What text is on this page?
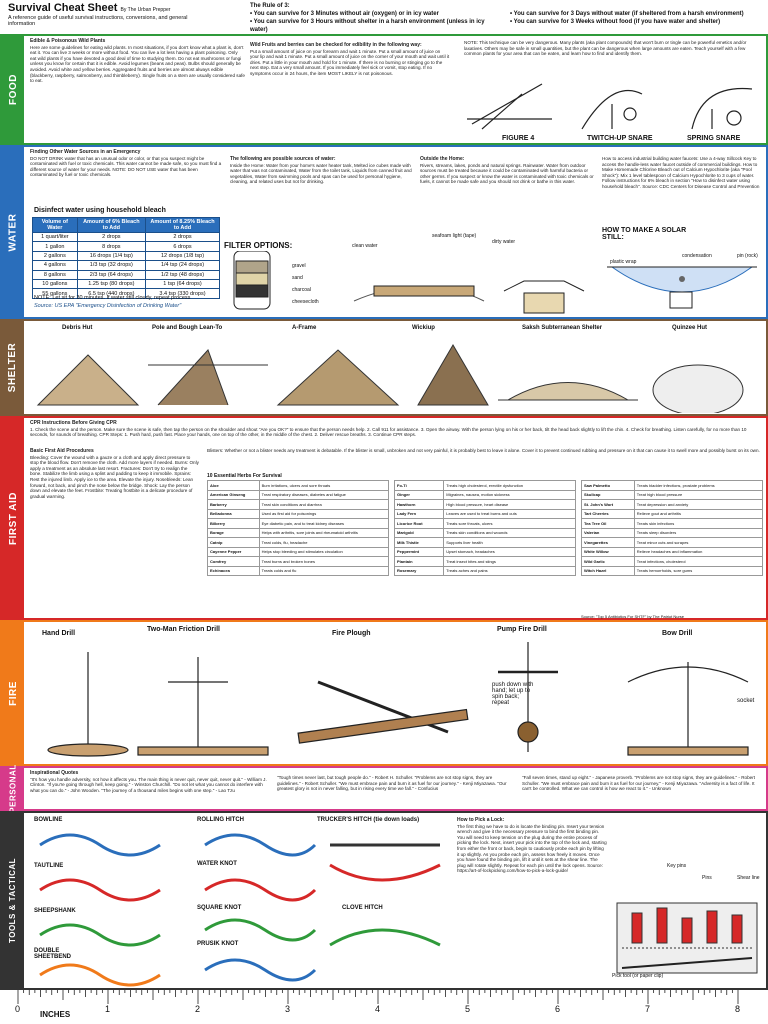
Survival Cheat Sheet By The Urban Prepper
A reference guide of useful survival instructions, conversions, and general information
The Rule of 3:

• You can survive for 3 Minutes without air (oxygen) or in icy water	• You can survive for 3 Days without water (if sheltered from a harsh environment)
• You can survive for 3 Hours without shelter in a harsh environment (unless in icy water)
• You can survive for 3 Weeks without food (if you have water and shelter)
FOOD
Edible & Poisonous Wild Plants
Here are some guidelines for eating wild plants. In most situations, if you don't know what a plant is, don't eat it. You can live 3 weeks or more without food. You can live a lot less having a plant poisoning. Only eat wild plants if you have devoted a good deal of time to studying them. Do not eat mushrooms or fungi unless you know for certain that it is edible. Avoid legumes (beans and peas). Bulbs should generally be avoided. Avoid white and yellow berries. Aggregated fruits and berries are almost always edible (blackberry, raspberry, salmonberry, and thimbleberry). Single fruits on a stem are usually considered safe to eat.
Wild Fruits and berries can be checked for edibility in the following way:
Put a small amount of juice on your forearm and wait 1 minute. Put a small amount of juice on your lip and wait 1 minute. Put a small amount of juice on the corner of your mouth and wait until it dries. Put a little in your mouth and hold for 1 minute. If there is no burning or stinging go to the next step. Eat a very small amount. If you immediately feel sick or vomit, stop eating. If no symptoms occur in 24 hours, the item MOST LIKELY is not poisonous.
NOTE: This technique can be very dangerous. Many plants (aka plant compounds) that won't burn or tingle can be powerful emetics and/or laxatives. Others may be safe in small quantities, but the plant can be dangerous when large amounts are eaten. Teach yourself with a few common plants for your area that can be eaten, and learn how to find and identify them.
FIGURE 4	TWITCH-UP SNARE	SPRING SNARE
WATER
Finding Other Water Sources in an Emergency
DO NOT DRINK water that has an unusual odor or color, or that you suspect might be contaminated with fuel or toxic chemicals. This water cannot be made safe, so you must find a different source of water for your needs. NOTE: DO NOT USE water that has been contaminated by fuel or toxic chemicals.
The following are possible sources of water:
Inside the Home: Water from your home's water heater tank, Melted ice cubes made with water that was not contaminated, Water from the toilet tank, Liquids from canned fruit and vegetables, Water from swimming pools and spas can be used for personal hygiene, cleaning, and related uses but not for drinking.
Outside the Home:
Rivers, streams, lakes, ponds and natural springs. Rainwater. Water from outdoor sources must be treated because it could be contaminated with harmful bacteria or other germs. If you suspect or know the water is contaminated with toxic chemicals or fuels, it cannot be made safe and you should not drink or bathe in this water.
How to access industrial building water faucets: Use a 4-way Sillcock Key to access the handle-less water faucet outside of commercial buildings. How to Make Homemade Chlorine Bleach out of Calcium Hypochlorite (aka "Pool Shock"): Mix 1 level tablespoon of Calcium Hypochlorite to 3 cups of water. Follow instructions for 6% bleach in section "How to disinfect water using household bleach". Source: CDC Centers for Disease Control and Prevention
Disinfect water using household bleach
Volume of Water	Amount of 6% Bleach to Add	Amount of 8.25% Bleach to Add
1 quart/liter	2 drops	2 drops
1 gallon	8 drops	6 drops
2 gallons	16 drops (1/4 tsp)	12 drops (1/8 tsp)
4 gallons	1/3 tsp (32 drops)	1/4 tsp (24 drops)
8 gallons	2/3 tsp (64 drops)	1/2 tsp (48 drops)
10 gallons	1.25 tsp (80 drops)	1 tsp (64 drops)
55 gallons	6.5 tsp (440 drops)	3.4 tsp (330 drops)
NOTE: Let sit for 30 minutes. If water still cloudy, repeat process
Source: US EPA "Emergency Disinfection of Drinking Water"
FILTER OPTIONS:
gravel
sand
charcoal
cheesecloth
seafoam light (tape)
dirty water
clean water
HOW TO MAKE A SOLAR STILL:
plastic wrap
condensation	pin (rock)
SHELTER
Debris Hut	Pole and Bough Lean-To	A-Frame	Wickiup	Saksh Subterranean Shelter	Quinzee Hut
FIRST AID
CPR Instructions Before Giving CPR
1. Check the scene and the person. Make sure the scene is safe, then tap the person on the shoulder and shout "Are you OK?" to ensure that the person needs help. 2. Call 911 for assistance. 3. Open the airway. With the person lying on his or her back, tilt the head back slightly to lift the chin. 4. Check for breathing. Listen carefully, for no more than 10 seconds, for sounds of breathing. CPR Steps: 1. Push hard, push fast. Place your hands, one on top of the other, in the middle of the chest. 2. Deliver rescue breaths. 3. Continue CPR steps.
Basic First Aid Procedures
Bleeding: Cover the wound with a gauze or a cloth and apply direct pressure to stop the blood flow. Don't remove the cloth. Add more layers if needed. Burns: Only apply a treatment as an absolute last resort. Fractures: Don't try to realign the bone. Stabilize the limb using a splint and padding to keep it immobile. Sprains: Rest the injured limb. Apply ice to the area. Elevate the injury. Nosebleeds: Lean forward, not back, and pinch the nose below the bridge. Shock: Lay the person down and elevate the feet. Frostbite: Treating frostbite is a delicate procedure of gradual warming.
Blisters: Whether or not a blister needs any treatment is debatable. If the blister is small, unbroken and not very painful, it is probably best to leave it alone. Cover it to prevent continued rubbing and pressure on it that can cause it to swell more and possibly burst on its own.
10 Essential Herbs For Survival
Aloe	Burn irritations, ulcers and sore throats
American Ginseng	Treat respiratory diseases, diabetes and fatigue
Barberry	Treat skin conditions and diarrhea
Belladonna	Used as first aid for poisonings
Bilberry	Eye diabetic pain, and to treat kidney diseases
Borage	Helps with arthritis, sore joints and rheumatoid arthritis
Catnip	Treat colds, flu, headache
Cayenne Pepper	Helps stop bleeding and stimulates circulation
Comfrey	Treat burns and broken bones
Echinacea	Treats colds and flu
Fo-Ti	Treats high cholesterol, erectile dysfunction
Ginger	Migraines, nausea, motion sickness
Hawthorn	High blood pressure, heart disease
Lady Fern	Leaves are used to treat burns and cuts
Licorice Root	Treats sore throats, ulcers
Marigold	Treats skin conditions and wounds
Milk Thistle	Supports liver health
Peppermint	Upset stomach, headaches
Plantain	Treat insect bites and stings
Rosemary	Treats aches and pains
Saw Palmetto	Treats bladder infections, prostate problems
Skullcap	Treat high blood pressure
St. John's Wort	Treat depression and anxiety
Tart Cherries	Relieve gout and arthritis
Tea Tree Oil	Treats skin infections
Valerian	Treats sleep disorders
Vinegarettes	Treat minor cuts and scrapes
White Willow	Relieve headaches and inflammation
Wild Garlic	Treat infections, cholesterol
Witch Hazel	Treats hemorrhoids, sore gums
Source: "Top 5 Antibiotics For SHTF" by The Patriot Nurse
FIRE
Hand Drill
Two-Man Friction Drill
Fire Plough
Pump Fire Drill
Bow Drill
push down with hand; let up to spin back; repeat	socket
PERSONAL Inspirational Quotes
"It's how you handle adversity, not how it affects you. The main thing is never quit, never quit, never quit." - William J. Clinton. "If you're going through hell, keep going." - Winston Churchill. "Do not let what you cannot do interfere with what you can do." - John Wooden. "The journey of a thousand miles begins with one step." - Lao Tzu
"Tough times never last, but tough people do." - Robert H. Schuller. "Problems are not stop signs, they are guidelines." - Robert Schuller. "We must embrace pain and burn it as fuel for our journey." - Kenji Miyazawa. "Our greatest glory is not in never falling, but in rising every time we fall." - Confucius
"Fall seven times, stand up eight." - Japanese proverb. "Problems are not stop signs, they are guidelines." - Robert Schuller. "We must embrace pain and burn it as fuel for our journey." - Kenji Miyazawa. "Adversity is a fact of life. It can't be controlled. What we can control is how we react to it." - Unknown
TOOLS & TACTICAL
BOWLINE
TAUTLINE
SHEEPSHANK
DOUBLE SHEETBEND
ROLLING HITCH
WATER KNOT
SQUARE KNOT
PRUSIK KNOT
TRUCKER'S HITCH (tie down loads)
CLOVE HITCH
How to Pick a Lock:
The first thing we have to do is locate the binding pin. Insert your tension wrench and give it the necessary pressure to bind the first binding pin. You will need to keep tension on the plug during the entire process of picking the lock. Next, insert your pick into the top of the lock and, starting from either the front or back, begin to cautiously probe each pin by lifting it up slightly. As you probe each pin, assess how freely it moves. Once you have found the binding pin, lift it until it sets at the shear line. The plug will rotate slightly. Repeat for each pin until the lock opens. Source: https://art-of-lockpicking.com/how-to-pick-a-lock-guide/
Key pins
Pins	Shear line
Pick tool (or paper clip)
0	1	2	3	4	5	6	7	8
INCHES
